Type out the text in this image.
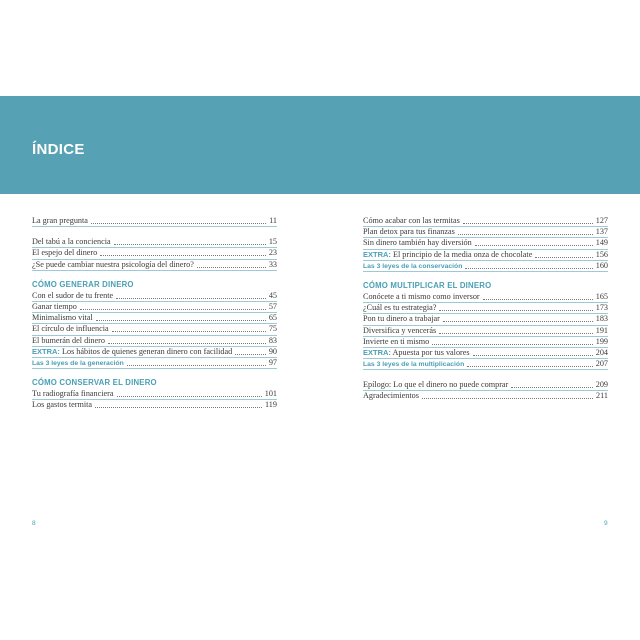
ÍNDICE
La gran pregunta	11
Del tabú a la conciencia	15
El espejo del dinero	23
¿Se puede cambiar nuestra psicología del dinero?	33
CÓMO GENERAR DINERO
Con el sudor de tu frente	45
Ganar tiempo	57
Minimalismo vital	65
El círculo de influencia	75
El bumerán del dinero	83
EXTRA: Los hábitos de quienes generan dinero con facilidad	90
Las 3 leyes de la generación	97
CÓMO CONSERVAR EL DINERO
Tu radiografía financiera	101
Los gastos termita	119
Cómo acabar con las termitas	127
Plan detox para tus finanzas	137
Sin dinero también hay diversión	149
EXTRA: El principio de la media onza de chocolate	156
Las 3 leyes de la conservación	160
CÓMO MULTIPLICAR EL DINERO
Conócete a ti mismo como inversor	165
¿Cuál es tu estrategia?	173
Pon tu dinero a trabajar	183
Diversifica y vencerás	191
Invierte en ti mismo	199
EXTRA: Apuesta por tus valores	204
Las 3 leyes de la multiplicación	207
Epílogo: Lo que el dinero no puede comprar	209
Agradecimientos	211
8	9
